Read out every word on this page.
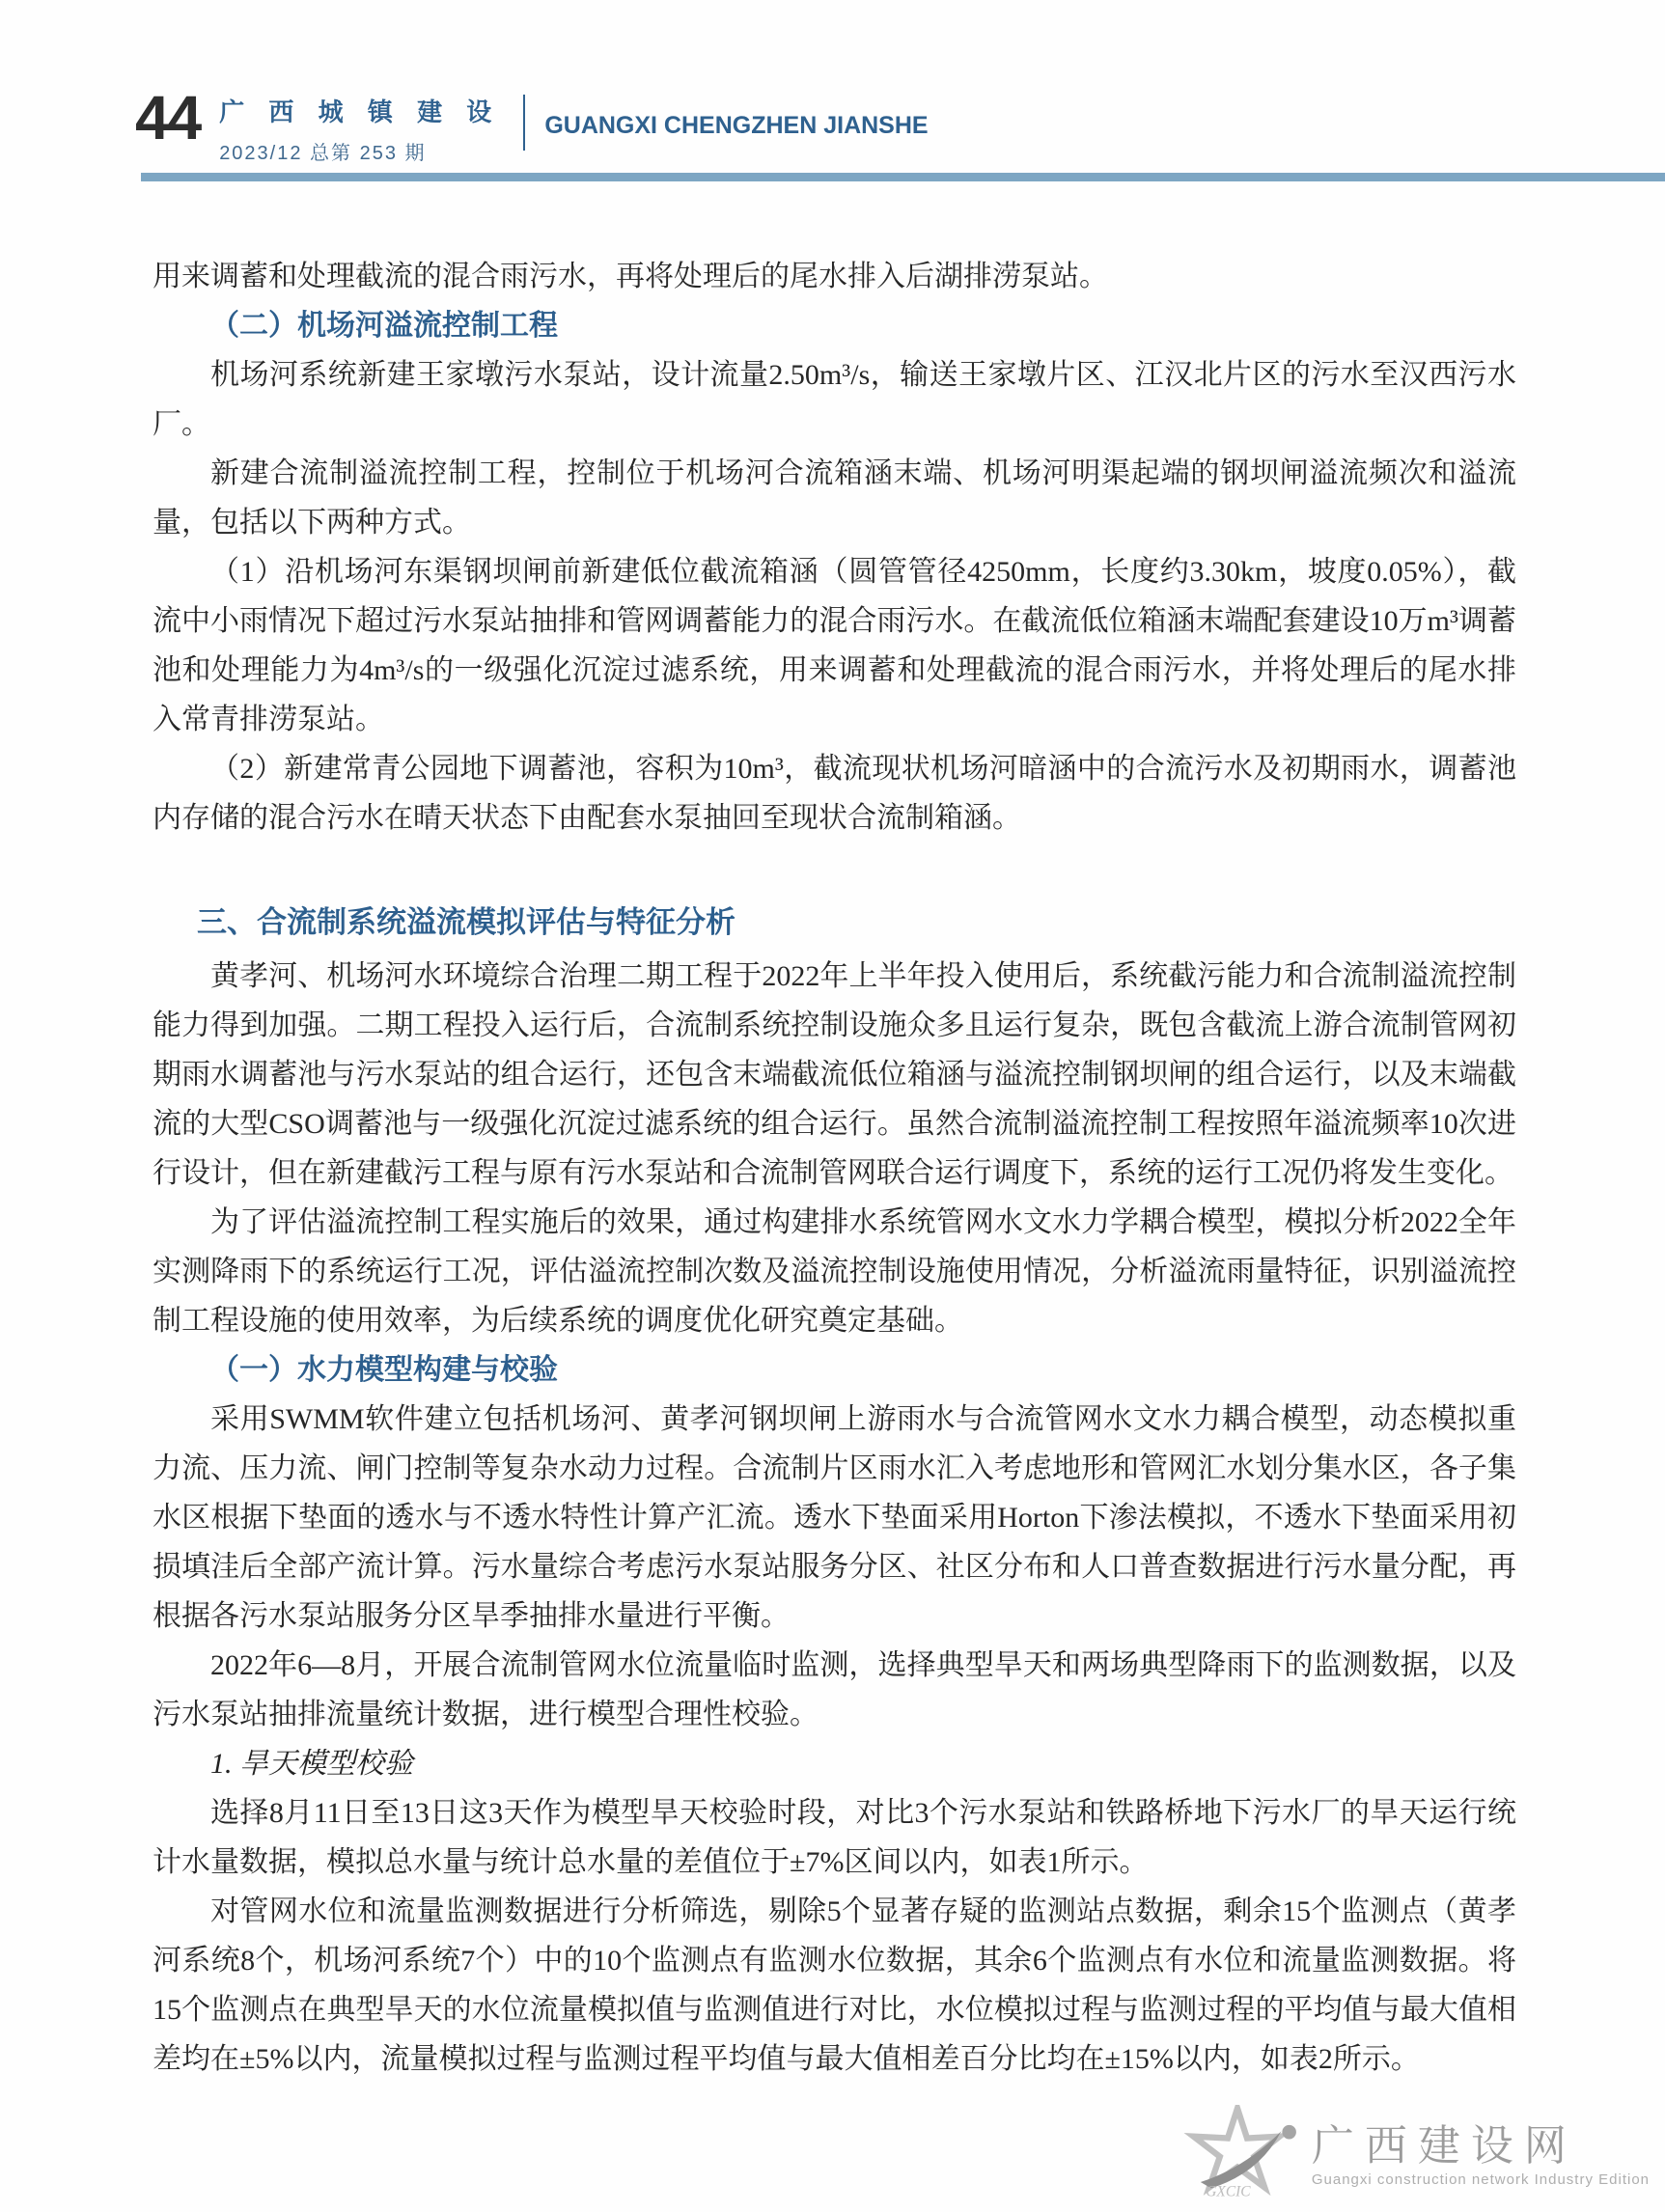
44 广 西 城 镇 建 设
2023/12 总第 253 期
GUANGXI CHENGZHEN JIANSHE

用来调蓄和处理截流的混合雨污水，再将处理后的尾水排入后湖排涝泵站。

（二）机场河溢流控制工程

机场河系统新建王家墩污水泵站，设计流量2.50m³/s，输送王家墩片区、江汉北片区的污水至汉西污水厂。

新建合流制溢流控制工程，控制位于机场河合流箱涵末端、机场河明渠起端的钢坝闸溢流频次和溢流量，包括以下两种方式。

（1）沿机场河东渠钢坝闸前新建低位截流箱涵（圆管管径4250mm，长度约3.30km，坡度0.05%），截流中小雨情况下超过污水泵站抽排和管网调蓄能力的混合雨污水。在截流低位箱涵末端配套建设10万m³调蓄池和处理能力为4m³/s的一级强化沉淀过滤系统，用来调蓄和处理截流的混合雨污水，并将处理后的尾水排入常青排涝泵站。

（2）新建常青公园地下调蓄池，容积为10m³，截流现状机场河暗涵中的合流污水及初期雨水，调蓄池内存储的混合污水在晴天状态下由配套水泵抽回至现状合流制箱涵。

三、合流制系统溢流模拟评估与特征分析

黄孝河、机场河水环境综合治理二期工程于2022年上半年投入使用后，系统截污能力和合流制溢流控制能力得到加强。二期工程投入运行后，合流制系统控制设施众多且运行复杂，既包含截流上游合流制管网初期雨水调蓄池与污水泵站的组合运行，还包含末端截流低位箱涵与溢流控制钢坝闸的组合运行，以及末端截流的大型CSO调蓄池与一级强化沉淀过滤系统的组合运行。虽然合流制溢流控制工程按照年溢流频率10次进行设计，但在新建截污工程与原有污水泵站和合流制管网联合运行调度下，系统的运行工况仍将发生变化。

为了评估溢流控制工程实施后的效果，通过构建排水系统管网水文水力学耦合模型，模拟分析2022全年实测降雨下的系统运行工况，评估溢流控制次数及溢流控制设施使用情况，分析溢流雨量特征，识别溢流控制工程设施的使用效率，为后续系统的调度优化研究奠定基础。

（一）水力模型构建与校验

采用SWMM软件建立包括机场河、黄孝河钢坝闸上游雨水与合流管网水文水力耦合模型，动态模拟重力流、压力流、闸门控制等复杂水动力过程。合流制片区雨水汇入考虑地形和管网汇水划分集水区，各子集水区根据下垫面的透水与不透水特性计算产汇流。透水下垫面采用Horton下渗法模拟，不透水下垫面采用初损填洼后全部产流计算。污水量综合考虑污水泵站服务分区、社区分布和人口普查数据进行污水量分配，再根据各污水泵站服务分区旱季抽排水量进行平衡。

2022年6—8月，开展合流制管网水位流量临时监测，选择典型旱天和两场典型降雨下的监测数据，以及污水泵站抽排流量统计数据，进行模型合理性校验。

1. 旱天模型校验

选择8月11日至13日这3天作为模型旱天校验时段，对比3个污水泵站和铁路桥地下污水厂的旱天运行统计水量数据，模拟总水量与统计总水量的差值位于±7%区间以内，如表1所示。

对管网水位和流量监测数据进行分析筛选，剔除5个显著存疑的监测站点数据，剩余15个监测点（黄孝河系统8个，机场河系统7个）中的10个监测点有监测水位数据，其余6个监测点有水位和流量监测数据。将15个监测点在典型旱天的水位流量模拟值与监测值进行对比，水位模拟过程与监测过程的平均值与最大值相差均在±5%以内，流量模拟过程与监测过程平均值与最大值相差百分比均在±15%以内，如表2所示。

GXCIC
广西建设网
Guangxi construction network Industry Edition
